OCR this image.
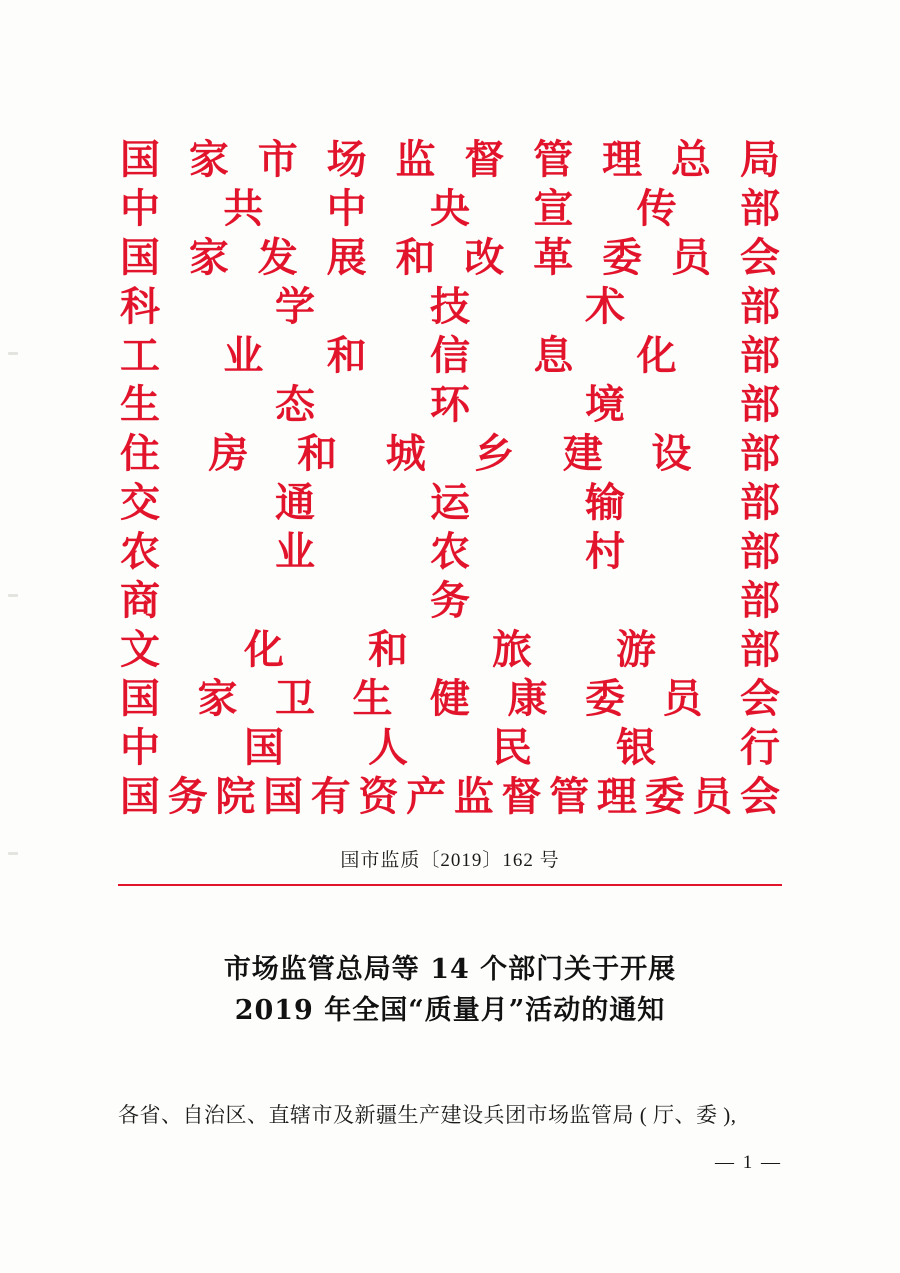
国 家 市 场 监 督 管 理 总 局
中 共 中 央 宣 传 部
国 家 发 展 和 改 革 委 员 会
科	学	技	术	部
工 业 和 信 息 化 部
生	态	环	境	部
住 房 和 城 乡 建 设 部
交	通	运	输	部
农	业	农	村	部
商	务	部
文 化 和 旅 游 部
国 家 卫 生 健 康 委 员 会
中 国 人 民 银 行
国 务 院 国 有 资 产 监 督 管 理 委 员 会
国市监质〔2019〕162 号
市场监管总局等 14 个部门关于开展
2019 年全国“质量月”活动的通知
各省、自治区、直辖市及新疆生产建设兵团市场监管局 ( 厅、委 ),
— 1 —
